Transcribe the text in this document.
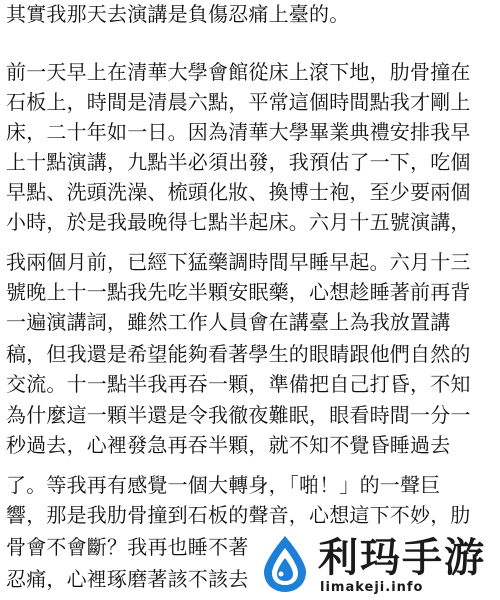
其實我那天去演講是負傷忍痛上臺的。
前一天早上在清華大學會館從床上滾下地，肋骨撞在
石板上，時間是清晨六點，平常這個時間點我才剛上
床，二十年如一日。因為清華大學畢業典禮安排我早
上十點演講，九點半必須出發，我預估了一下，吃個
早點、洗頭洗澡、梳頭化妝、換博士袍，至少要兩個
小時，於是我最晚得七點半起床。六月十五號演講，
我兩個月前，已經下猛藥調時間早睡早起。六月十三
號晚上十一點我先吃半顆安眠藥，心想趁睡著前再背
一遍演講詞，雖然工作人員會在講臺上為我放置講
稿，但我還是希望能夠看著學生的眼睛跟他們自然的
交流。十一點半我再吞一顆，準備把自己打昏，不知
為什麼這一顆半還是令我徹夜難眠，眼看時間一分一
秒過去，心裡發急再吞半顆，就不知不覺昏睡過去
了。等我再有感覺一個大轉身，「啪！」的一聲巨
響，那是我肋骨撞到石板的聲音，心想這下不妙，肋
骨會不會斷？我再也睡不著
忍痛，心裡琢磨著該不該去 利玛手游
limakeji.info
